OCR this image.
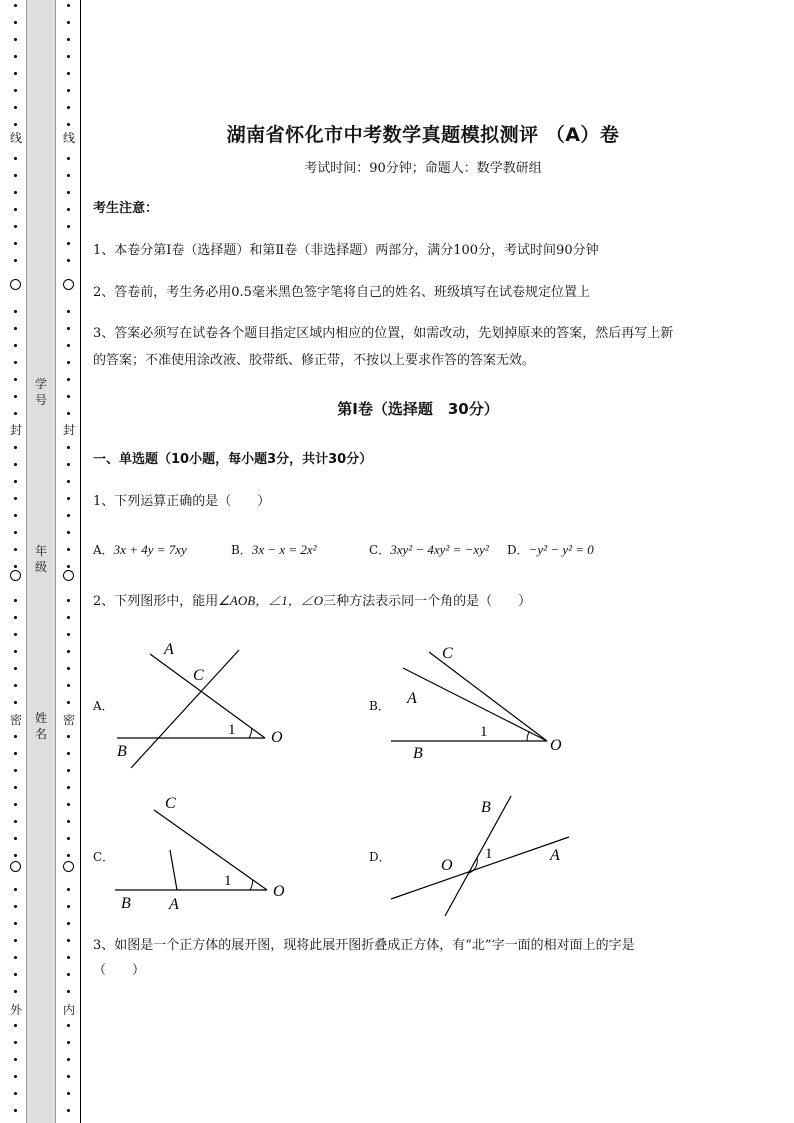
线
封
密
外
线
封
密
内
学号
年级
姓名
湖南省怀化市中考数学真题模拟测评 （A）卷
考试时间：90分钟；命题人：数学教研组
考生注意：
1、本卷分第I卷（选择题）和第Ⅱ卷（非选择题）两部分，满分100分，考试时间90分钟
2、答卷前，考生务必用0.5毫米黑色签字笔将自己的姓名、班级填写在试卷规定位置上
3、答案必须写在试卷各个题目指定区域内相应的位置，如需改动，先划掉原来的答案，然后再写上新
的答案；不准使用涂改液、胶带纸、修正带，不按以上要求作答的答案无效。
第I卷（选择题　30分）
一、单选题（10小题，每小题3分，共计30分）
1、下列运算正确的是（　　）
A．3x + 4y = 7xy	B．3x − x = 2x²	C．3xy² − 4xy² = −xy² D．−y² − y² = 0
2、下列图形中，能用∠AOB，∠1，∠O三种方法表示同一个角的是（　　）
A．
A
C
1
B
O
B．
C
A
1
B	O
C．
C
1
B A
O
D．
B
O
1	A
3、如图是一个正方体的展开图，现将此展开图折叠成正方体，有“北”字一面的相对面上的字是
（　　）
